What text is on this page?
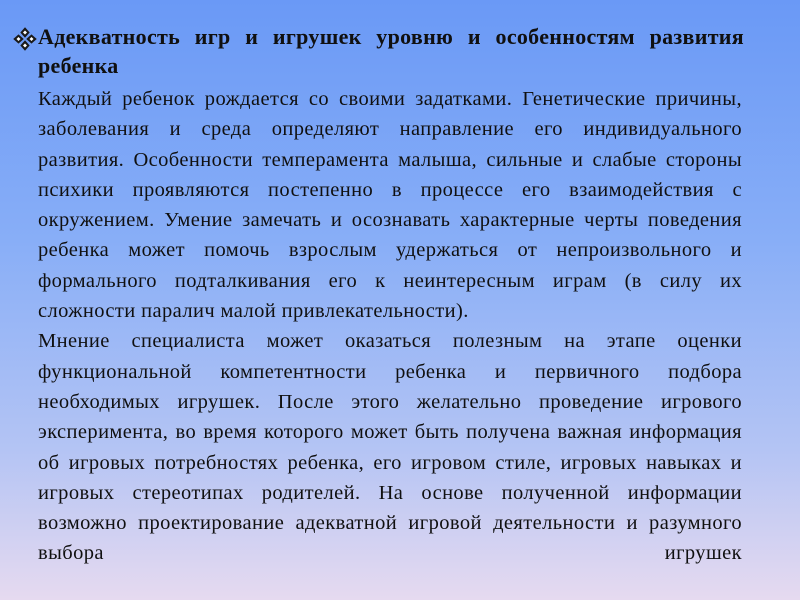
Адекватность игр и игрушек уровню и особенностям развития ребенка

Каждый ребенок рождается со своими задатками. Генетические причины, заболевания и среда определяют направление его индивидуального развития. Особенности темперамента малыша, сильные и слабые стороны психики проявляются постепенно в процессе его взаимодействия с окружением. Умение замечать и осознавать характерные черты поведения ребенка может помочь взрослым удержаться от непроизвольного и формального подталкивания его к неинтересным играм (в силу их сложности паралич малой привлекательности).

Мнение специалиста может оказаться полезным на этапе оценки функциональной компетентности ребенка и первичного подбора необходимых игрушек. После этого желательно проведение игрового эксперимента, во время которого может быть получена важная информация об игровых потребностях ребенка, его игровом стиле, игровых навыках и игровых стереотипах родителей. На основе полученной информации возможно проектирование адекватной игровой деятельности и разумного выбора игрушек
